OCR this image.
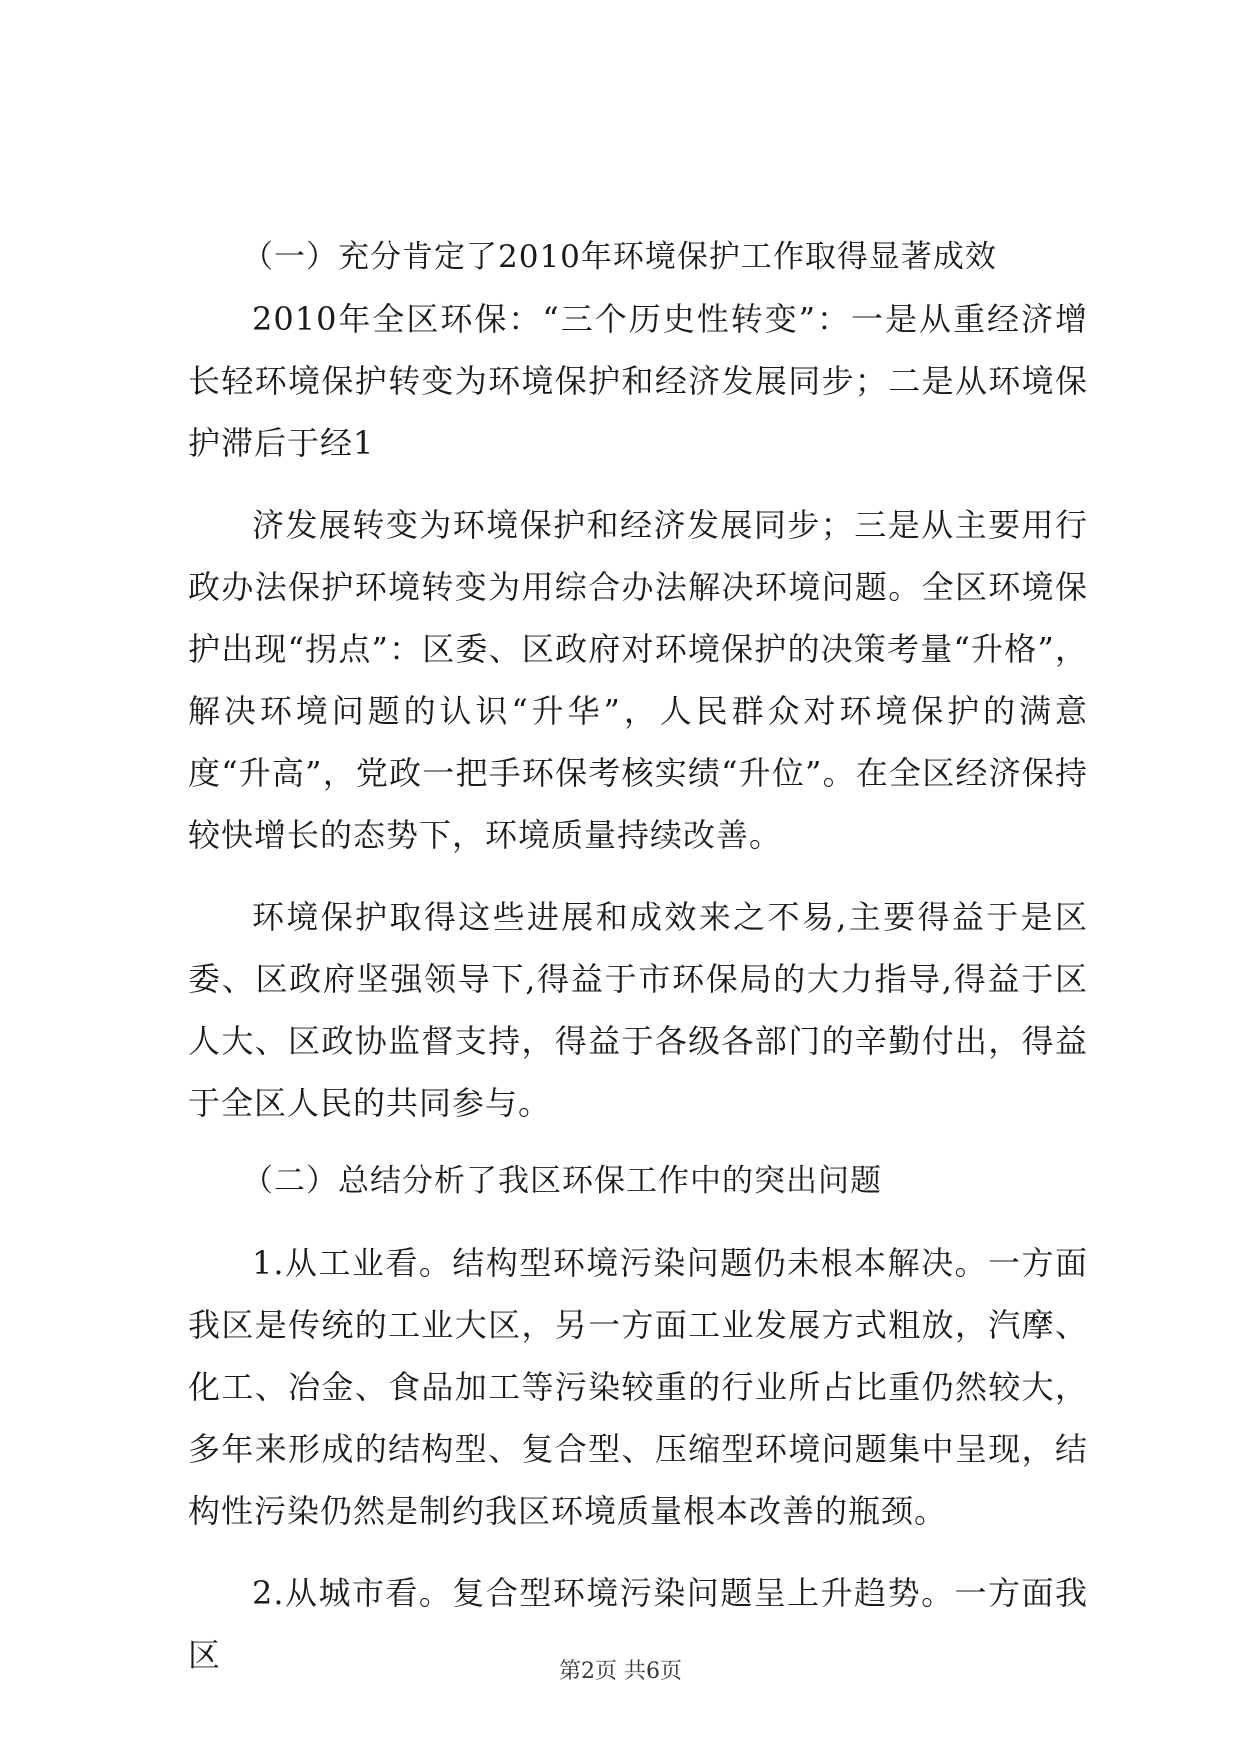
（一）充分肯定了2010年环境保护工作取得显著成效

2010年全区环保：“三个历史性转变”：一是从重经济增长轻环境保护转变为环境保护和经济发展同步；二是从环境保护滞后于经1

济发展转变为环境保护和经济发展同步；三是从主要用行政办法保护环境转变为用综合办法解决环境问题。全区环境保护出现“拐点”：区委、区政府对环境保护的决策考量“升格”，解决环境问题的认识“升华”，人民群众对环境保护的满意度“升高”，党政一把手环保考核实绩“升位”。在全区经济保持较快增长的态势下，环境质量持续改善。

环境保护取得这些进展和成效来之不易,主要得益于是区委、区政府坚强领导下,得益于市环保局的大力指导,得益于区人大、区政协监督支持，得益于各级各部门的辛勤付出，得益于全区人民的共同参与。

（二）总结分析了我区环保工作中的突出问题

1.从工业看。结构型环境污染问题仍未根本解决。一方面我区是传统的工业大区，另一方面工业发展方式粗放，汽摩、化工、冶金、食品加工等污染较重的行业所占比重仍然较大，多年来形成的结构型、复合型、压缩型环境问题集中呈现，结构性污染仍然是制约我区环境质量根本改善的瓶颈。

2.从城市看。复合型环境污染问题呈上升趋势。一方面我区	第2页 共6页
